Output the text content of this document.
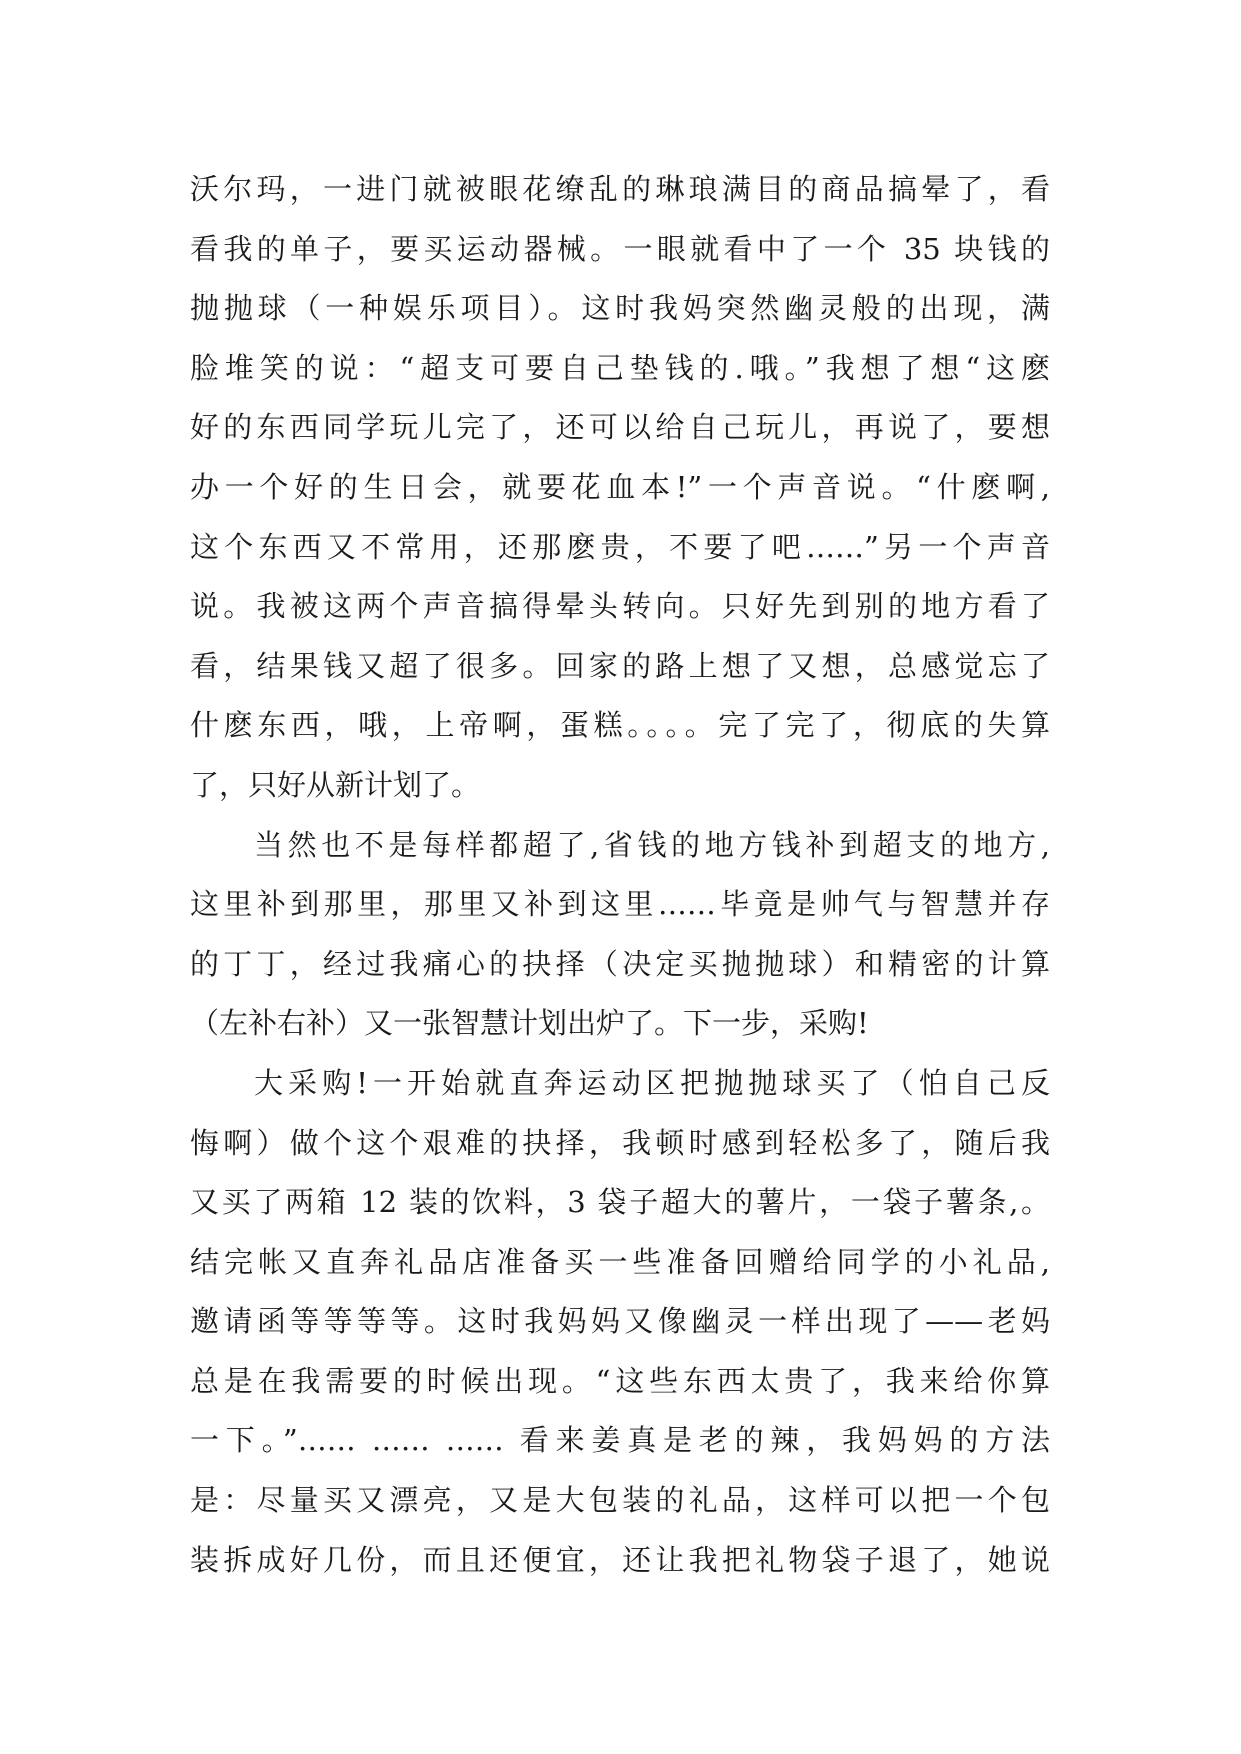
沃尔玛，一进门就被眼花缭乱的琳琅满目的商品搞晕了，看
看我的单子，要买运动器械。一眼就看中了一个 35 块钱的
抛抛球（一种娱乐项目）。这时我妈突然幽灵般的出现，满
脸堆笑的说：“超支可要自己垫钱的.哦。”我想了想“这麽
好的东西同学玩儿完了，还可以给自己玩儿，再说了，要想
办一个好的生日会，就要花血本!”一个声音说。“什麽啊,
这个东西又不常用，还那麽贵，不要了吧……”另一个声音
说。我被这两个声音搞得晕头转向。只好先到别的地方看了
看，结果钱又超了很多。回家的路上想了又想，总感觉忘了
什麽东西，哦，上帝啊，蛋糕。。。。完了完了，彻底的失算
了，只好从新计划了。
当然也不是每样都超了,省钱的地方钱补到超支的地方,
这里补到那里，那里又补到这里……毕竟是帅气与智慧并存
的丁丁，经过我痛心的抉择（决定买抛抛球）和精密的计算
（左补右补）又一张智慧计划出炉了。下一步，采购!
大采购!一开始就直奔运动区把抛抛球买了（怕自己反
悔啊）做个这个艰难的抉择，我顿时感到轻松多了，随后我
又买了两箱 12 装的饮料，3 袋子超大的薯片，一袋子薯条,。
结完帐又直奔礼品店准备买一些准备回赠给同学的小礼品,
邀请函等等等等。这时我妈妈又像幽灵一样出现了——老妈
总是在我需要的时候出现。“这些东西太贵了，我来给你算
一下。”…… …… …… 看来姜真是老的辣，我妈妈的方法
是：尽量买又漂亮，又是大包装的礼品，这样可以把一个包
装拆成好几份，而且还便宜，还让我把礼物袋子退了，她说
